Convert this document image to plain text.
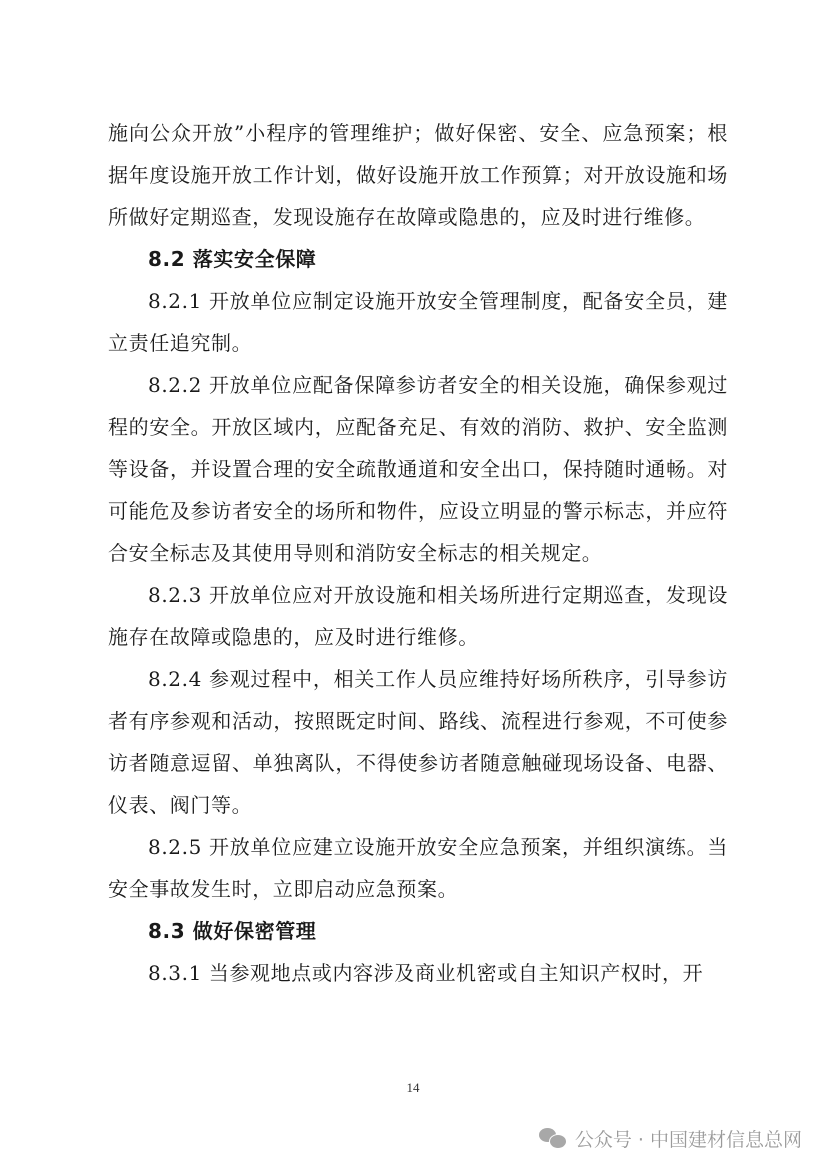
施向公众开放”小程序的管理维护；做好保密、安全、应急预案；根据年度设施开放工作计划，做好设施开放工作预算；对开放设施和场所做好定期巡查，发现设施存在故障或隐患的，应及时进行维修。

8.2 落实安全保障

8.2.1 开放单位应制定设施开放安全管理制度，配备安全员，建立责任追究制。

8.2.2 开放单位应配备保障参访者安全的相关设施，确保参观过程的安全。开放区域内，应配备充足、有效的消防、救护、安全监测等设备，并设置合理的安全疏散通道和安全出口，保持随时通畅。对可能危及参访者安全的场所和物件，应设立明显的警示标志，并应符合安全标志及其使用导则和消防安全标志的相关规定。

8.2.3 开放单位应对开放设施和相关场所进行定期巡查，发现设施存在故障或隐患的，应及时进行维修。

8.2.4 参观过程中，相关工作人员应维持好场所秩序，引导参访者有序参观和活动，按照既定时间、路线、流程进行参观，不可使参访者随意逗留、单独离队，不得使参访者随意触碰现场设备、电器、仪表、阀门等。

8.2.5 开放单位应建立设施开放安全应急预案，并组织演练。当安全事故发生时，立即启动应急预案。

8.3 做好保密管理

8.3.1 当参观地点或内容涉及商业机密或自主知识产权时，开

14
公众号 · 中国建材信息总网
